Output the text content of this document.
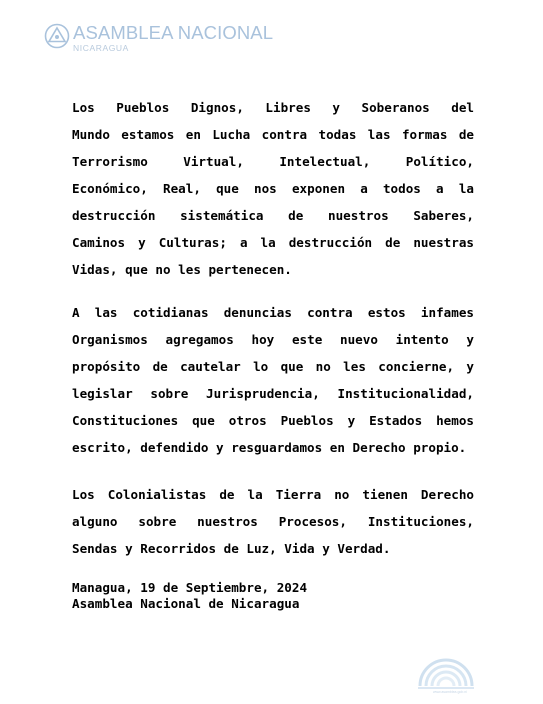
ASAMBLEA NACIONAL
NICARAGUA
Los Pueblos Dignos, Libres y Soberanos del
Mundo estamos en Lucha contra todas las formas de
Terrorismo Virtual, Intelectual, Político,
Económico, Real, que nos exponen a todos a la
destrucción sistemática de nuestros Saberes,
Caminos y Culturas; a la destrucción de nuestras
Vidas, que no les pertenecen.
A las cotidianas denuncias contra estos infames
Organismos agregamos hoy este nuevo intento y
propósito de cautelar lo que no les concierne, y
legislar sobre Jurisprudencia, Institucionalidad,
Constituciones que otros Pueblos y Estados hemos
escrito, defendido y resguardamos en Derecho propio.
Los Colonialistas de la Tierra no tienen Derecho
alguno sobre nuestros Procesos, Instituciones,
Sendas y Recorridos de Luz, Vida y Verdad.
Managua, 19 de Septiembre, 2024
Asamblea Nacional de Nicaragua
www.asamblea.gob.ni
